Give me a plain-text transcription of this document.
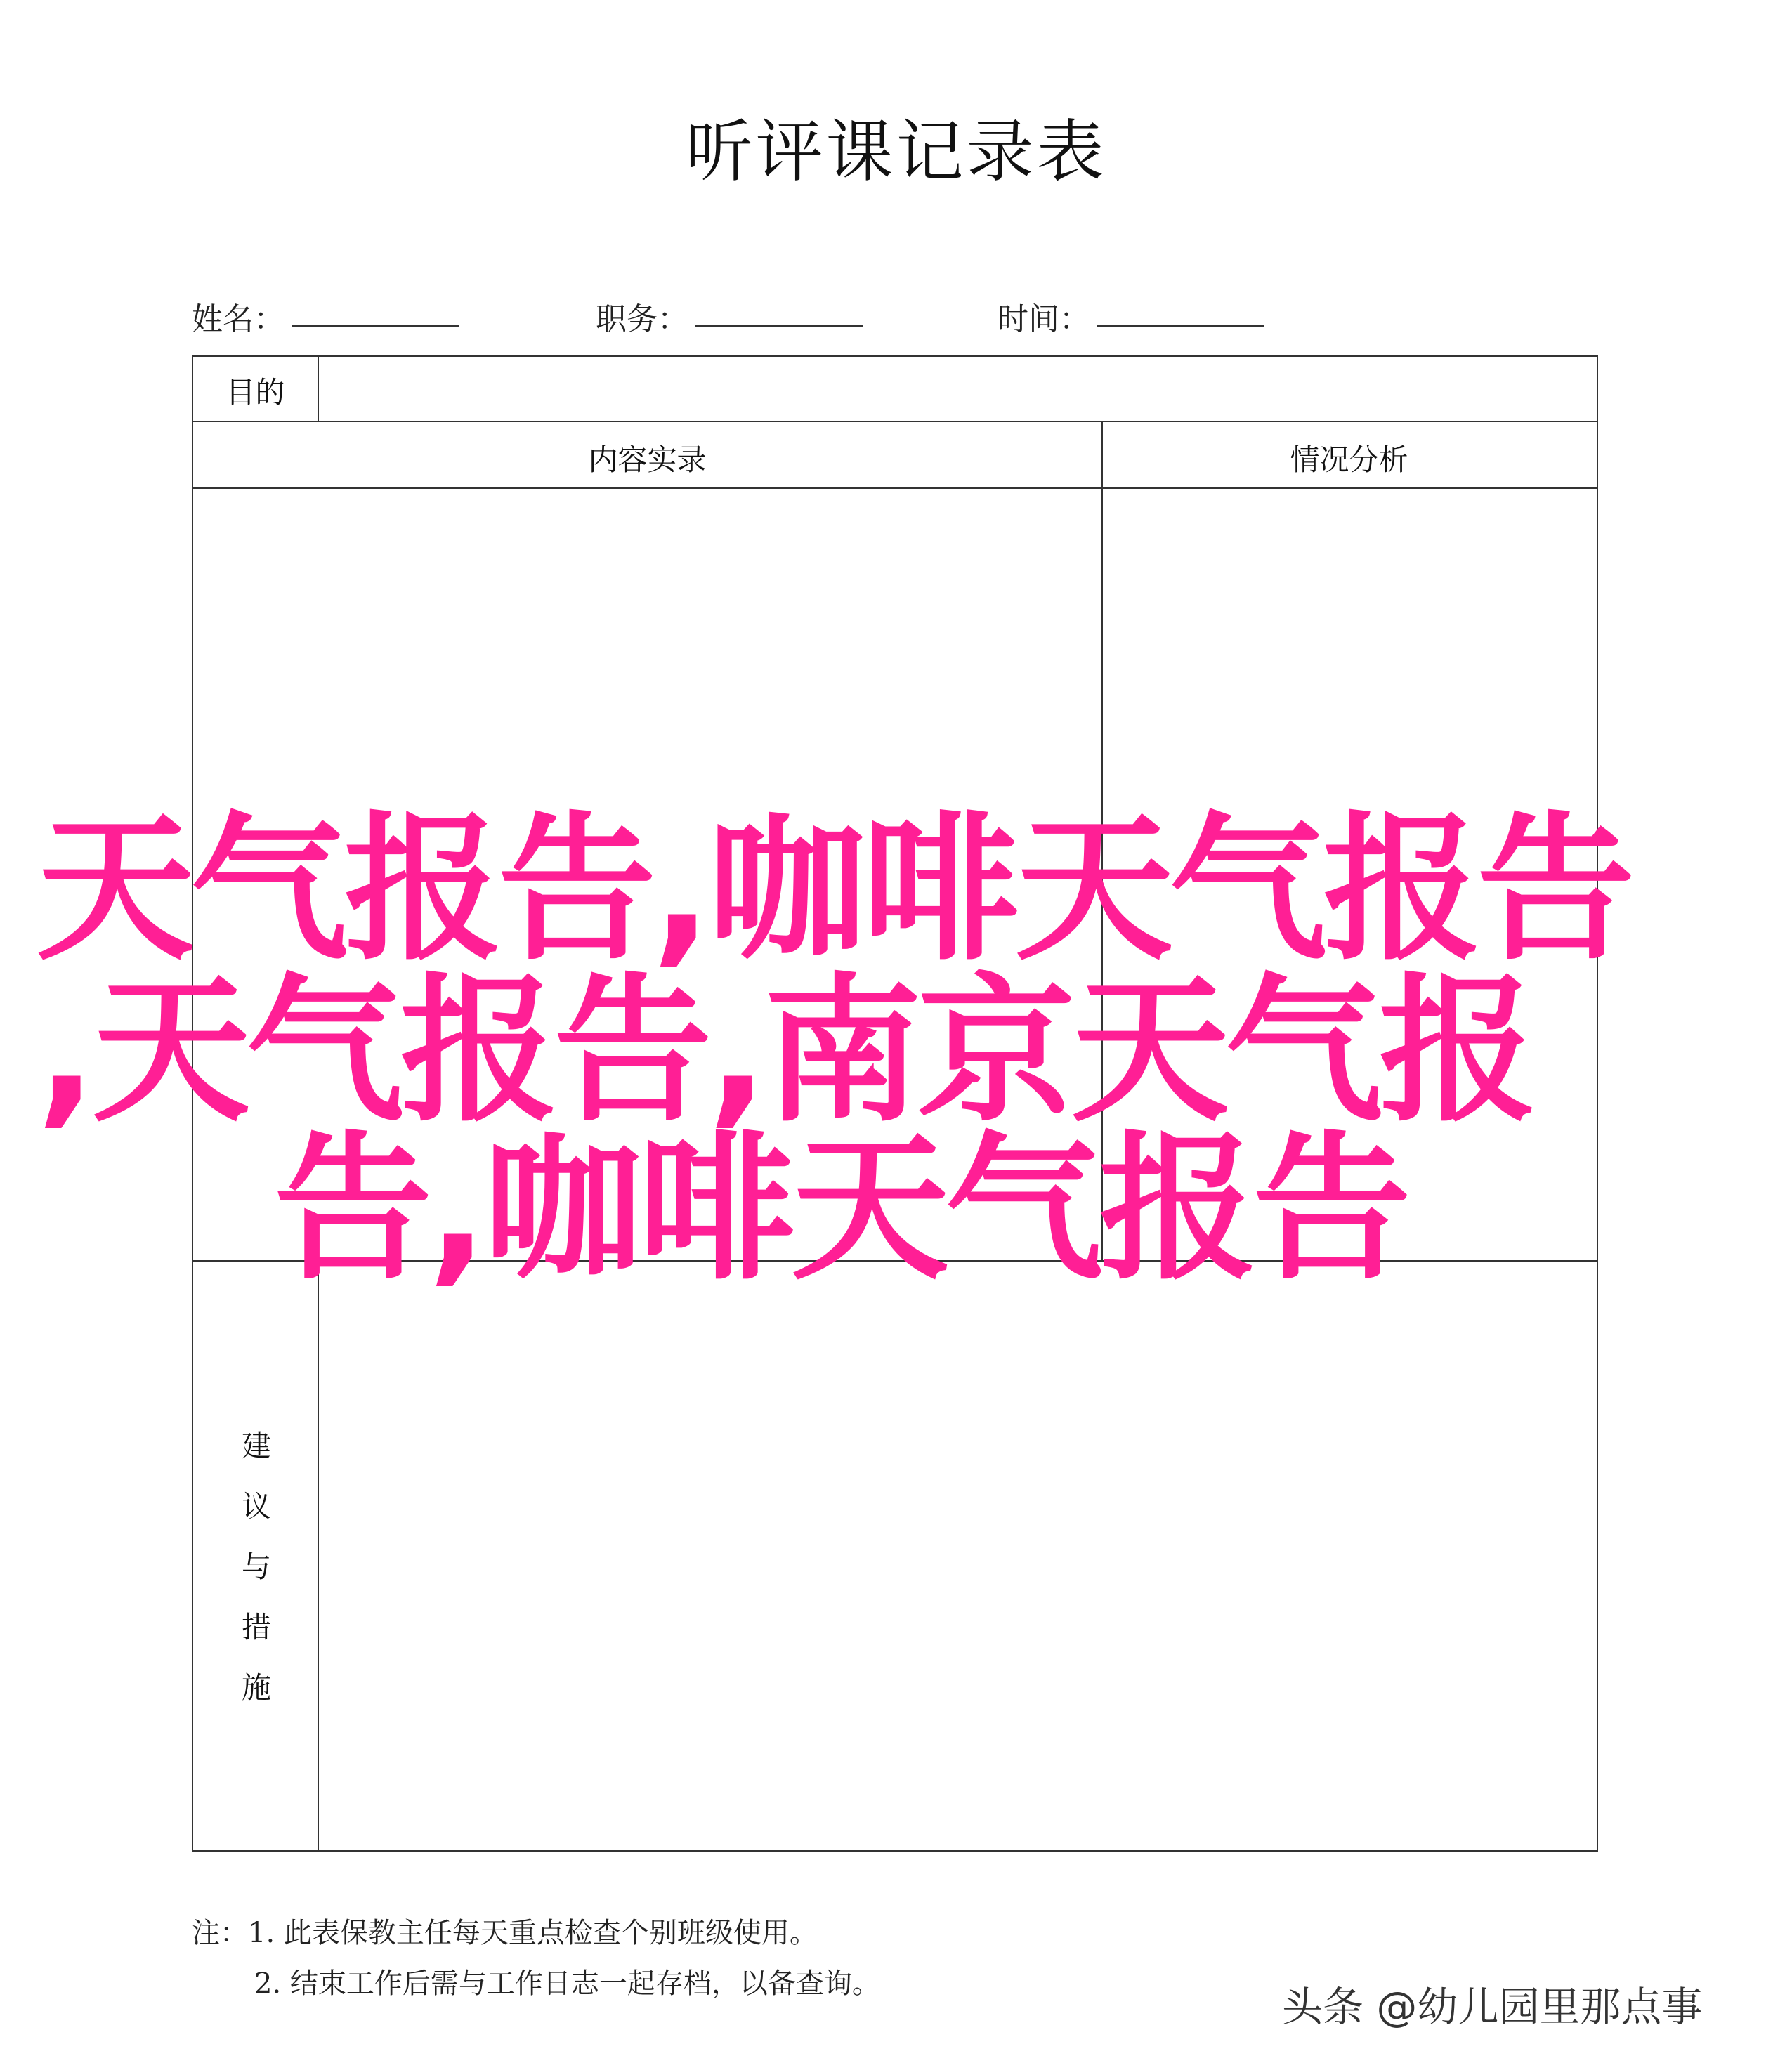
听评课记录表
姓名：	职务：	时间：
目的
内容实录	情况分析
建
议
与
措
施
注：1. 此表保教主任每天重点检查个别班级使用。
2. 结束工作后需与工作日志一起存档，以备查询。
天气报告,咖啡天气报告
,天气报告,南京天气报
告,咖啡天气报告
头条 @幼儿园里那点事
